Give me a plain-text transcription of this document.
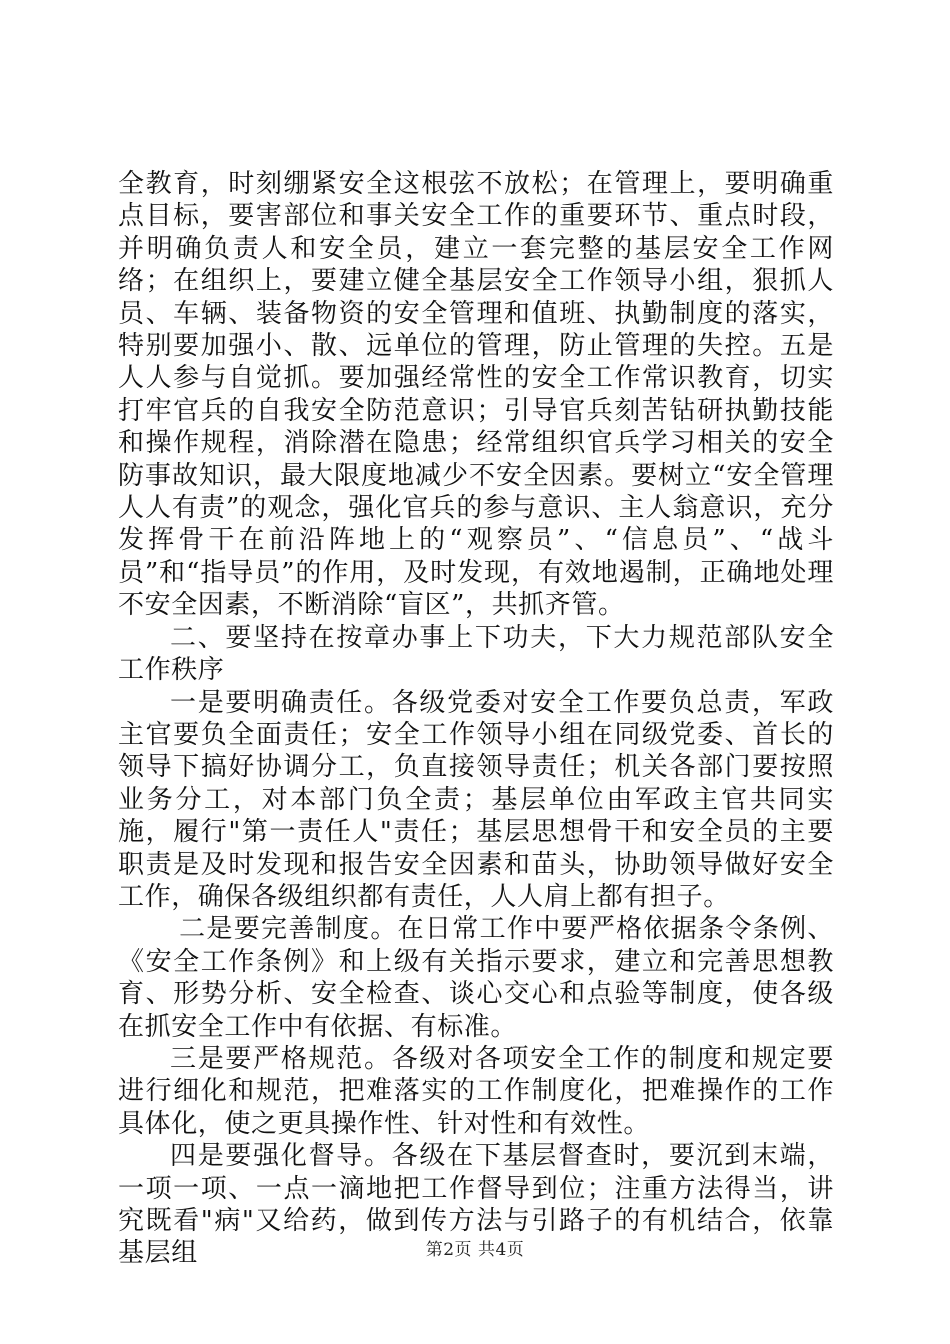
全教育，时刻绷紧安全这根弦不放松；在管理上，要明确重点目标，要害部位和事关安全工作的重要环节、重点时段，并明确负责人和安全员，建立一套完整的基层安全工作网络；在组织上，要建立健全基层安全工作领导小组，狠抓人员、车辆、装备物资的安全管理和值班、执勤制度的落实，特别要加强小、散、远单位的管理，防止管理的失控。五是人人参与自觉抓。要加强经常性的安全工作常识教育，切实打牢官兵的自我安全防范意识；引导官兵刻苦钻研执勤技能和操作规程，消除潜在隐患；经常组织官兵学习相关的安全防事故知识，最大限度地减少不安全因素。要树立“安全管理人人有责”的观念，强化官兵的参与意识、主人翁意识，充分发挥骨干在前沿阵地上的“观察员”、“信息员”、“战斗员”和“指导员”的作用，及时发现，有效地遏制，正确地处理不安全因素，不断消除“盲区”，共抓齐管。

二、要坚持在按章办事上下功夫，下大力规范部队安全工作秩序

一是要明确责任。各级党委对安全工作要负总责，军政主官要负全面责任；安全工作领导小组在同级党委、首长的领导下搞好协调分工，负直接领导责任；机关各部门要按照业务分工，对本部门负全责；基层单位由军政主官共同实施，履行"第一责任人"责任；基层思想骨干和安全员的主要职责是及时发现和报告安全因素和苗头，协助领导做好安全工作，确保各级组织都有责任，人人肩上都有担子。

二是要完善制度。在日常工作中要严格依据条令条例、《安全工作条例》和上级有关指示要求，建立和完善思想教育、形势分析、安全检查、谈心交心和点验等制度，使各级在抓安全工作中有依据、有标准。

三是要严格规范。各级对各项安全工作的制度和规定要进行细化和规范，把难落实的工作制度化，把难操作的工作具体化，使之更具操作性、针对性和有效性。

四是要强化督导。各级在下基层督查时，要沉到末端，一项一项、一点一滴地把工作督导到位；注重方法得当，讲究既看"病"又给药，做到传方法与引路子的有机结合，依靠基层组	第2页 共4页
